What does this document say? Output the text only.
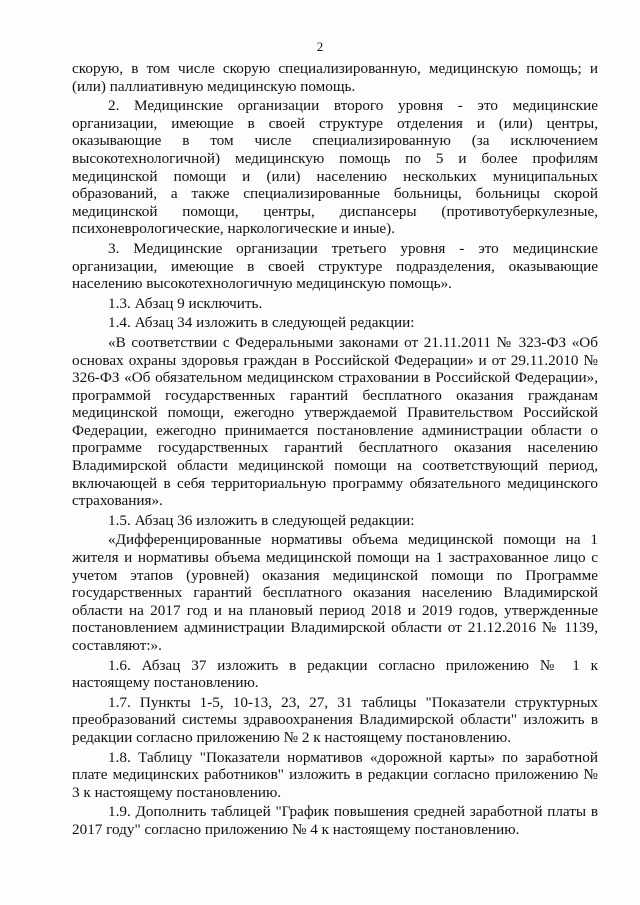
2

скорую, в том числе скорую специализированную, медицинскую помощь; и (или) паллиативную медицинскую помощь.

2. Медицинские организации второго уровня - это медицинские организации, имеющие в своей структуре отделения и (или) центры, оказывающие в том числе специализированную (за исключением высокотехнологичной) медицинскую помощь по 5 и более профилям медицинской помощи и (или) населению нескольких муниципальных образований, а также специализированные больницы, больницы скорой медицинской помощи, центры, диспансеры (противотуберкулезные, психоневрологические, наркологические и иные).

3. Медицинские организации третьего уровня - это медицинские организации, имеющие в своей структуре подразделения, оказывающие населению высокотехнологичную медицинскую помощь».

1.3. Абзац 9 исключить.

1.4. Абзац 34 изложить в следующей редакции:

«В соответствии с Федеральными законами от 21.11.2011 № 323-ФЗ «Об основах охраны здоровья граждан в Российской Федерации» и от 29.11.2010 № 326-ФЗ «Об обязательном медицинском страховании в Российской Федерации», программой государственных гарантий бесплатного оказания гражданам медицинской помощи, ежегодно утверждаемой Правительством Российской Федерации, ежегодно принимается постановление администрации области о программе государственных гарантий бесплатного оказания населению Владимирской области медицинской помощи на соответствующий период, включающей в себя территориальную программу обязательного медицинского страхования».

1.5. Абзац 36 изложить в следующей редакции:

«Дифференцированные нормативы объема медицинской помощи на 1 жителя и нормативы объема медицинской помощи на 1 застрахованное лицо с учетом этапов (уровней) оказания медицинской помощи по Программе государственных гарантий бесплатного оказания населению Владимирской области на 2017 год и на плановый период 2018 и 2019 годов, утвержденные постановлением администрации Владимирской области от 21.12.2016 № 1139, составляют:».

1.6. Абзац 37 изложить в редакции согласно приложению № 1 к настоящему постановлению.

1.7. Пункты 1-5, 10-13, 23, 27, 31 таблицы "Показатели структурных преобразований системы здравоохранения Владимирской области" изложить в редакции согласно приложению № 2 к настоящему постановлению.

1.8. Таблицу "Показатели нормативов «дорожной карты» по заработной плате медицинских работников" изложить в редакции согласно приложению № 3 к настоящему постановлению.

1.9. Дополнить таблицей "График повышения средней заработной платы в 2017 году" согласно приложению № 4 к настоящему постановлению.
